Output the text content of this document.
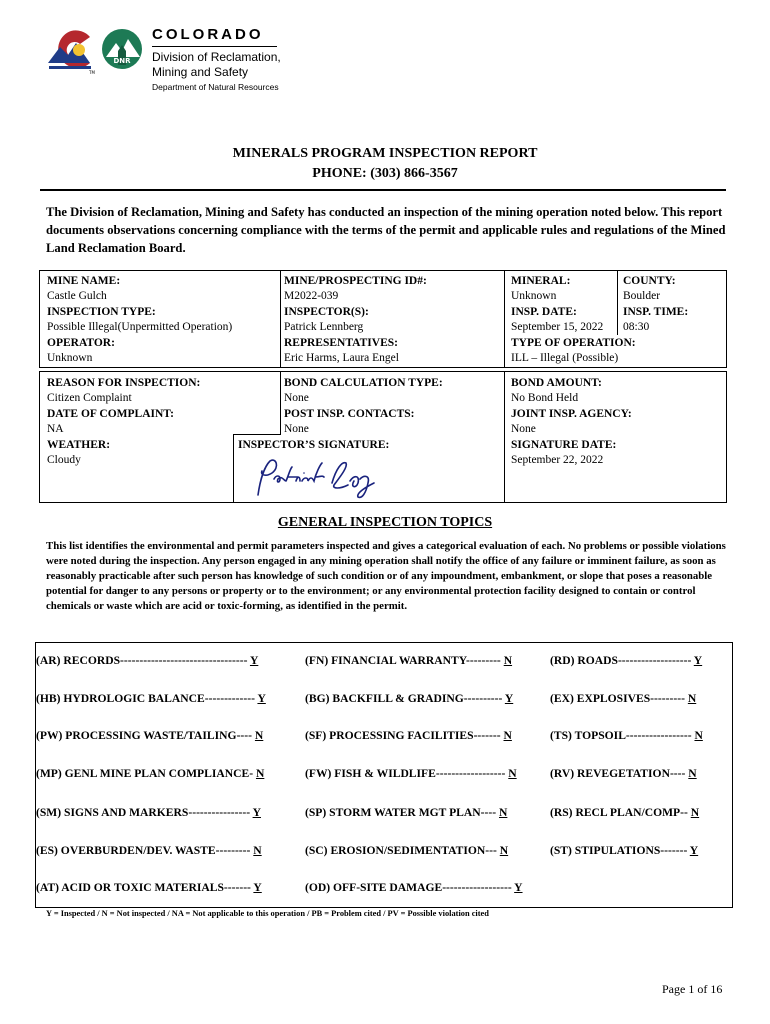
TM
DNR
COLORADO
Division of Reclamation,
Mining and Safety
Department of Natural Resources
MINERALS PROGRAM INSPECTION REPORT
PHONE: (303) 866-3567
The Division of Reclamation, Mining and Safety has conducted an inspection of the mining operation noted below. This report documents observations concerning compliance with the terms of the permit and applicable rules and regulations of the Mined Land Reclamation Board.
MINE NAME:
Castle Gulch
INSPECTION TYPE:
Possible Illegal(Unpermitted Operation)
OPERATOR:
Unknown
MINE/PROSPECTING ID#:
M2022-039
INSPECTOR(S):
Patrick Lennberg
REPRESENTATIVES:
Eric Harms, Laura Engel
MINERAL:
Unknown
INSP. DATE:
September 15, 2022
TYPE OF OPERATION:
ILL – Illegal (Possible)
COUNTY:
Boulder
INSP. TIME:
08:30
REASON FOR INSPECTION:
Citizen Complaint
DATE OF COMPLAINT:
NA
WEATHER:
Cloudy
BOND CALCULATION TYPE:
None
POST INSP. CONTACTS:
None
INSPECTOR’S SIGNATURE:
BOND AMOUNT:
No Bond Held
JOINT INSP. AGENCY:
None
SIGNATURE DATE:
September 22, 2022
GENERAL INSPECTION TOPICS
This list identifies the environmental and permit parameters inspected and gives a categorical evaluation of each. No problems or possible violations were noted during the inspection. Any person engaged in any mining operation shall notify the office of any failure or imminent failure, as soon as reasonably practicable after such person has knowledge of such condition or of any impoundment, embankment, or slope that poses a reasonable potential for danger to any persons or property or to the environment; or any environmental protection facility designed to contain or control chemicals or waste which are acid or toxic-forming, as identified in the permit.
(AR) RECORDS--------------------------------- Y
(HB) HYDROLOGIC BALANCE------------- Y
(PW) PROCESSING WASTE/TAILING---- N
(MP) GENL MINE PLAN COMPLIANCE- N
(SM) SIGNS AND MARKERS---------------- Y
(ES) OVERBURDEN/DEV. WASTE--------- N
(AT) ACID OR TOXIC MATERIALS------- Y
(FN) FINANCIAL WARRANTY--------- N
(BG) BACKFILL & GRADING---------- Y
(SF) PROCESSING FACILITIES------- N
(FW) FISH & WILDLIFE------------------ N
(SP) STORM WATER MGT PLAN---- N
(SC) EROSION/SEDIMENTATION--- N
(OD) OFF-SITE DAMAGE------------------ Y
(RD) ROADS------------------- Y
(EX) EXPLOSIVES--------- N
(TS) TOPSOIL----------------- N
(RV) REVEGETATION---- N
(RS) RECL PLAN/COMP-- N
(ST) STIPULATIONS------- Y
Y = Inspected / N = Not inspected / NA = Not applicable to this operation / PB = Problem cited / PV = Possible violation cited
Page 1 of 16
